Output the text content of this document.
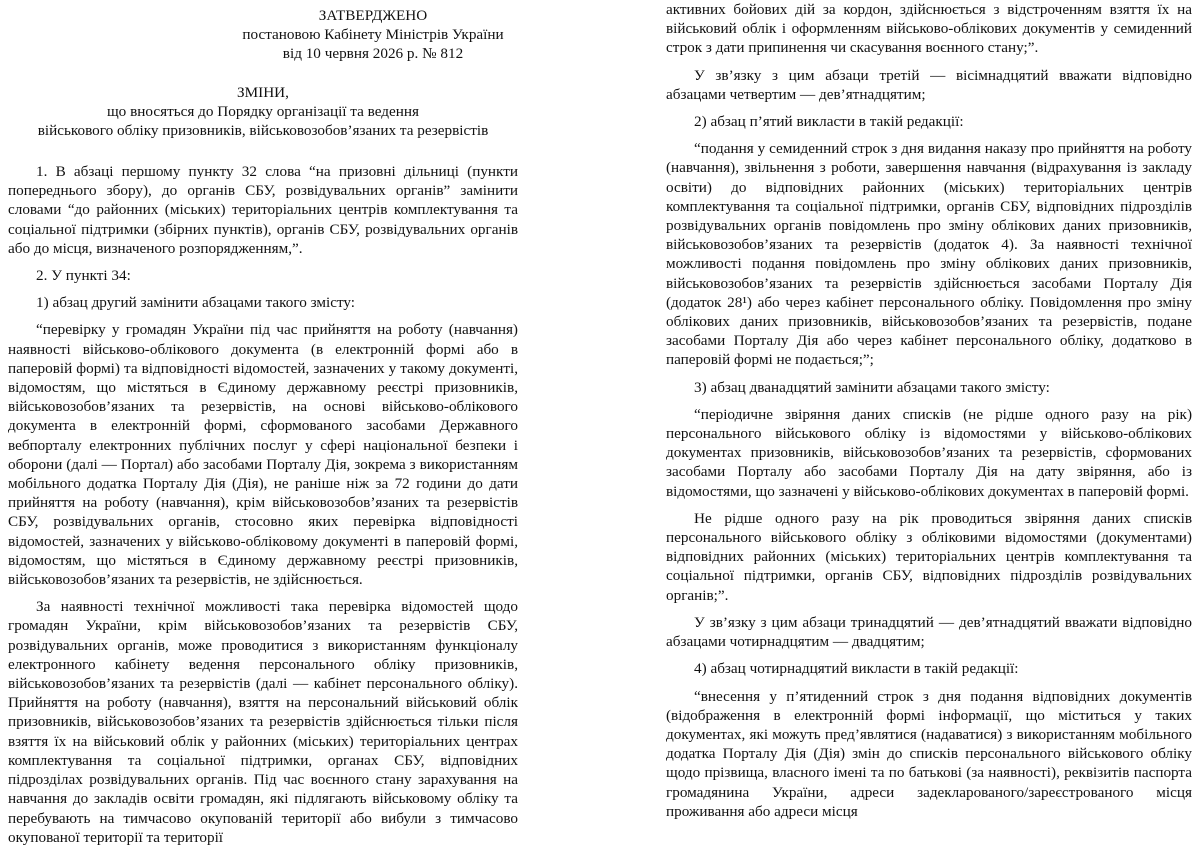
ЗАТВЕРДЖЕНО
постановою Кабінету Міністрів України
від 10 червня 2026 р. № 812
ЗМІНИ,
що вносяться до Порядку організації та ведення
військового обліку призовників, військовозобов’язаних та резервістів

1. В абзаці першому пункту 32 слова “на призовні дільниці (пункти попереднього збору), до органів СБУ, розвідувальних органів” замінити словами “до районних (міських) територіальних центрів комплектування та соціальної підтримки (збірних пунктів), органів СБУ, розвідувальних органів або до місця, визначеного розпорядженням,”.

2. У пункті 34:

1) абзац другий замінити абзацами такого змісту:

“перевірку у громадян України під час прийняття на роботу (навчання) наявності військово-облікового документа (в електронній формі або в паперовій формі) та відповідності відомостей, зазначених у такому документі, відомостям, що містяться в Єдиному державному реєстрі призовників, військовозобов’язаних та резервістів, на основі військово-облікового документа в електронній формі, сформованого засобами Державного вебпорталу електронних публічних послуг у сфері національної безпеки і оборони (далі — Портал) або засобами Порталу Дія, зокрема з використанням мобільного додатка Порталу Дія (Дія), не раніше ніж за 72 години до дати прийняття на роботу (навчання), крім військовозобов’язаних та резервістів СБУ, розвідувальних органів, стосовно яких перевірка відповідності відомостей, зазначених у військово-обліковому документі в паперовій формі, відомостям, що містяться в Єдиному державному реєстрі призовників, військовозобов’язаних та резервістів, не здійснюється.

За наявності технічної можливості така перевірка відомостей щодо громадян України, крім військовозобов’язаних та резервістів СБУ, розвідувальних органів, може проводитися з використанням функціоналу електронного кабінету ведення персонального обліку призовників, військовозобов’язаних та резервістів (далі — кабінет персонального обліку). Прийняття на роботу (навчання), взяття на персональний військовий облік призовників, військовозобов’язаних та резервістів здійснюється тільки після взяття їх на військовий облік у районних (міських) територіальних центрах комплектування та соціальної підтримки, органах СБУ, відповідних підрозділах розвідувальних органів. Під час воєнного стану зарахування на навчання до закладів освіти громадян, які підлягають військовому обліку та перебувають на тимчасово окупованій території або вибули з тимчасово окупованої території та території

активних бойових дій за кордон, здійснюється з відстроченням взяття їх на військовий облік і оформленням військово-облікових документів у семиденний строк з дати припинення чи скасування воєнного стану;”.

У зв’язку з цим абзаци третій — вісімнадцятий вважати відповідно абзацами четвертим — дев’ятнадцятим;

2) абзац п’ятий викласти в такій редакції:

“подання у семиденний строк з дня видання наказу про прийняття на роботу (навчання), звільнення з роботи, завершення навчання (відрахування із закладу освіти) до відповідних районних (міських) територіальних центрів комплектування та соціальної підтримки, органів СБУ, відповідних підрозділів розвідувальних органів повідомлень про зміну облікових даних призовників, військовозобов’язаних та резервістів (додаток 4). За наявності технічної можливості подання повідомлень про зміну облікових даних призовників, військовозобов’язаних та резервістів здійснюється засобами Порталу Дія (додаток 28¹) або через кабінет персонального обліку. Повідомлення про зміну облікових даних призовників, військовозобов’язаних та резервістів, подане засобами Порталу Дія або через кабінет персонального обліку, додатково в паперовій формі не подається;”;

3) абзац дванадцятий замінити абзацами такого змісту:

“періодичне звіряння даних списків (не рідше одного разу на рік) персонального військового обліку із відомостями у військово-облікових документах призовників, військовозобов’язаних та резервістів, сформованих засобами Порталу або засобами Порталу Дія на дату звіряння, або із відомостями, що зазначені у військово-облікових документах в паперовій формі.

Не рідше одного разу на рік проводиться звіряння даних списків персонального військового обліку з обліковими відомостями (документами) відповідних районних (міських) територіальних центрів комплектування та соціальної підтримки, органів СБУ, відповідних підрозділів розвідувальних органів;”.

У зв’язку з цим абзаци тринадцятий — дев’ятнадцятий вважати відповідно абзацами чотирнадцятим — двадцятим;

4) абзац чотирнадцятий викласти в такій редакції:

“внесення у п’ятиденний строк з дня подання відповідних документів (відображення в електронній формі інформації, що міститься у таких документах, які можуть пред’являтися (надаватися) з використанням мобільного додатка Порталу Дія (Дія) змін до списків персонального військового обліку щодо прізвища, власного імені та по батькові (за наявності), реквізитів паспорта громадянина України, адреси задекларованого/зареєстрованого місця проживання або адреси місця
